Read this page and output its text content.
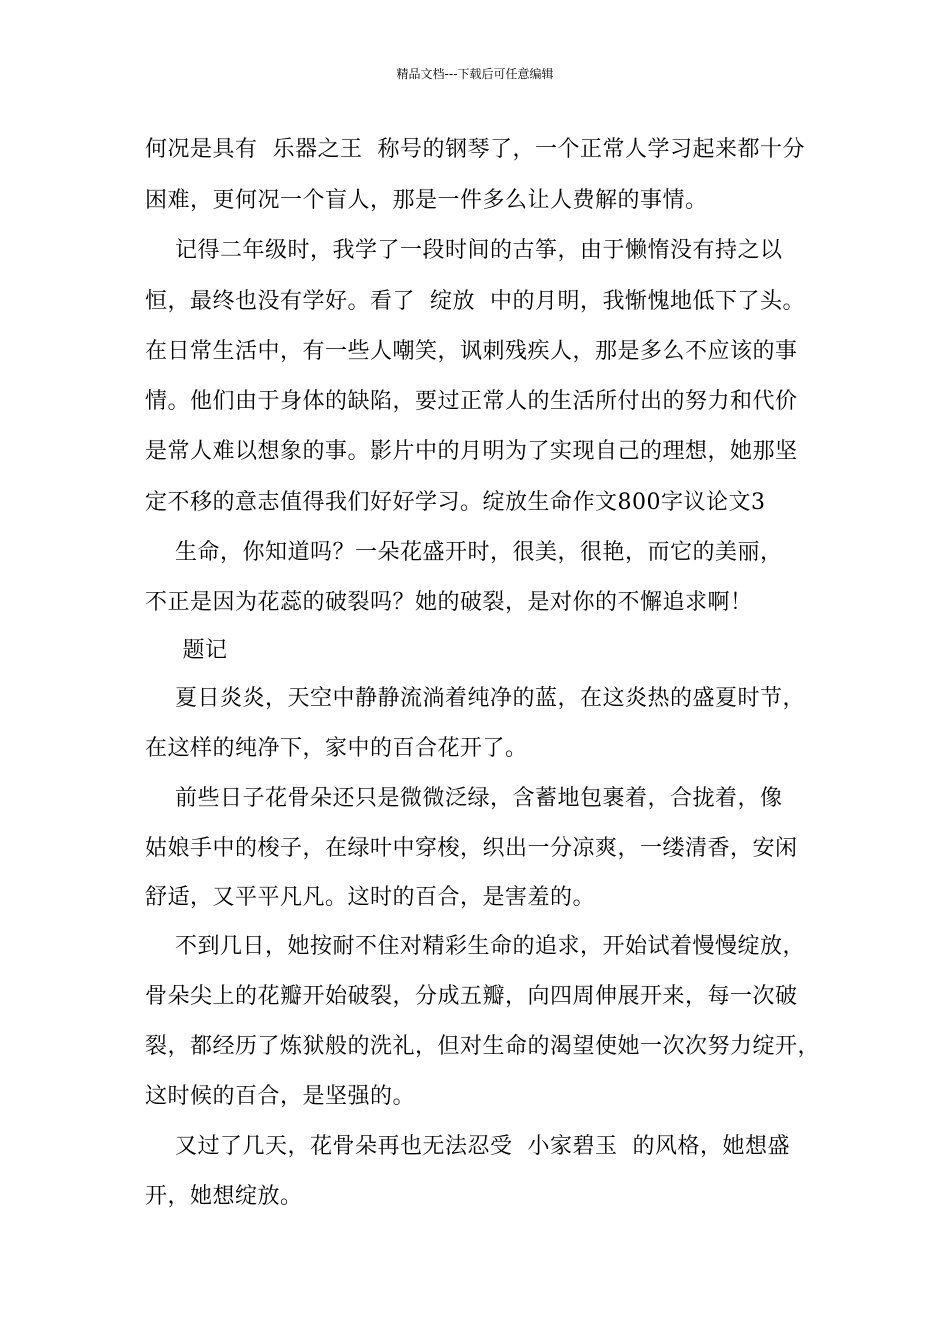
精品文档---下载后可任意编辑
何况是具有  乐器之王  称号的钢琴了，一个正常人学习起来都十分
困难，更何况一个盲人，那是一件多么让人费解的事情。
记得二年级时，我学了一段时间的古筝，由于懒惰没有持之以
恒，最终也没有学好。看了  绽放  中的月明，我惭愧地低下了头。
在日常生活中，有一些人嘲笑，讽刺残疾人，那是多么不应该的事
情。他们由于身体的缺陷，要过正常人的生活所付出的努力和代价
是常人难以想象的事。影片中的月明为了实现自己的理想，她那坚
定不移的意志值得我们好好学习。绽放生命作文800字议论文3
生命，你知道吗？一朵花盛开时，很美，很艳，而它的美丽，
不正是因为花蕊的破裂吗？她的破裂，是对你的不懈追求啊！
题记
夏日炎炎，天空中静静流淌着纯净的蓝，在这炎热的盛夏时节，
在这样的纯净下，家中的百合花开了。
前些日子花骨朵还只是微微泛绿，含蓄地包裹着，合拢着，像
姑娘手中的梭子，在绿叶中穿梭，织出一分凉爽，一缕清香，安闲
舒适，又平平凡凡。这时的百合，是害羞的。
不到几日，她按耐不住对精彩生命的追求，开始试着慢慢绽放，
骨朵尖上的花瓣开始破裂，分成五瓣，向四周伸展开来，每一次破
裂，都经历了炼狱般的洗礼，但对生命的渴望使她一次次努力绽开，
这时候的百合，是坚强的。
又过了几天，花骨朵再也无法忍受  小家碧玉  的风格，她想盛
开，她想绽放。
